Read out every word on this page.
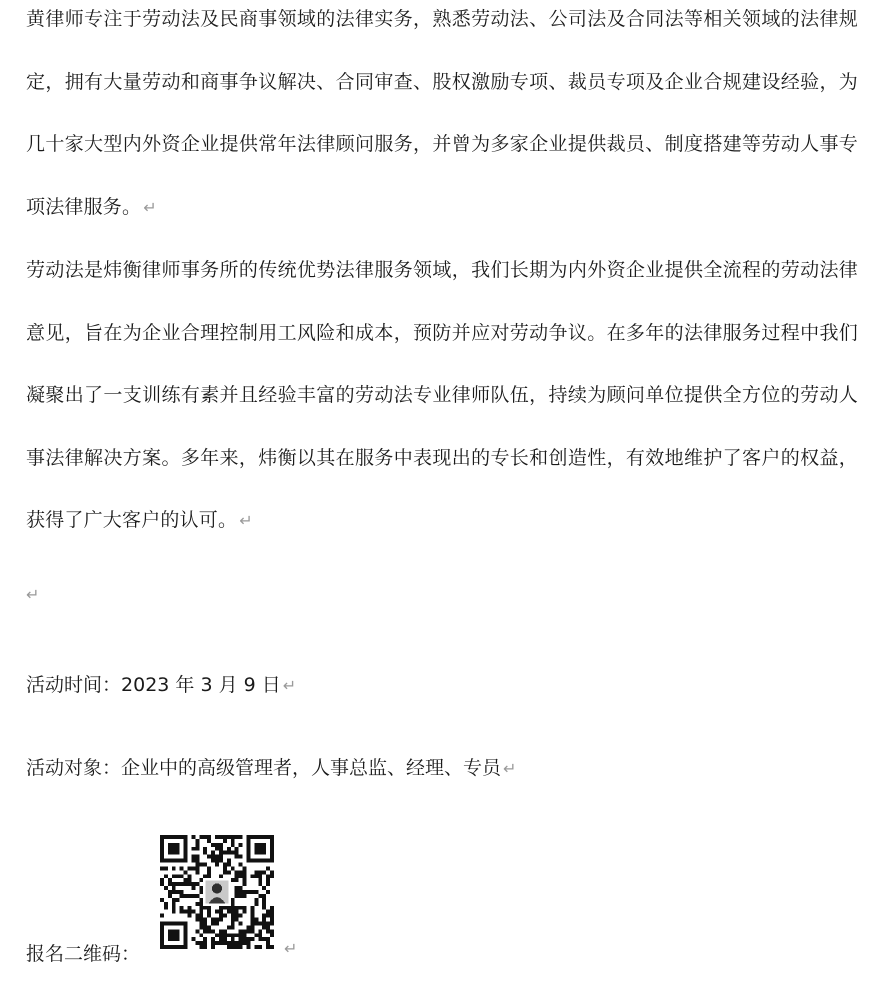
黄律师专注于劳动法及民商事领域的法律实务，熟悉劳动法、公司法及合同法等相关领域的法律规定，拥有大量劳动和商事争议解决、合同审查、股权激励专项、裁员专项及企业合规建设经验，为几十家大型内外资企业提供常年法律顾问服务，并曾为多家企业提供裁员、制度搭建等劳动人事专项法律服务。 ↵

劳动法是炜衡律师事务所的传统优势法律服务领域，我们长期为内外资企业提供全流程的劳动法律意见，旨在为企业合理控制用工风险和成本，预防并应对劳动争议。在多年的法律服务过程中我们凝聚出了一支训练有素并且经验丰富的劳动法专业律师队伍，持续为顾问单位提供全方位的劳动人事法律解决方案。多年来，炜衡以其在服务中表现出的专长和创造性，有效地维护了客户的权益，获得了广大客户的认可。 ↵

↵

活动时间：2023 年 3 月 9 日 ↵

活动对象：企业中的高级管理者，人事总监、经理、专员 ↵

报名二维码：	↵
